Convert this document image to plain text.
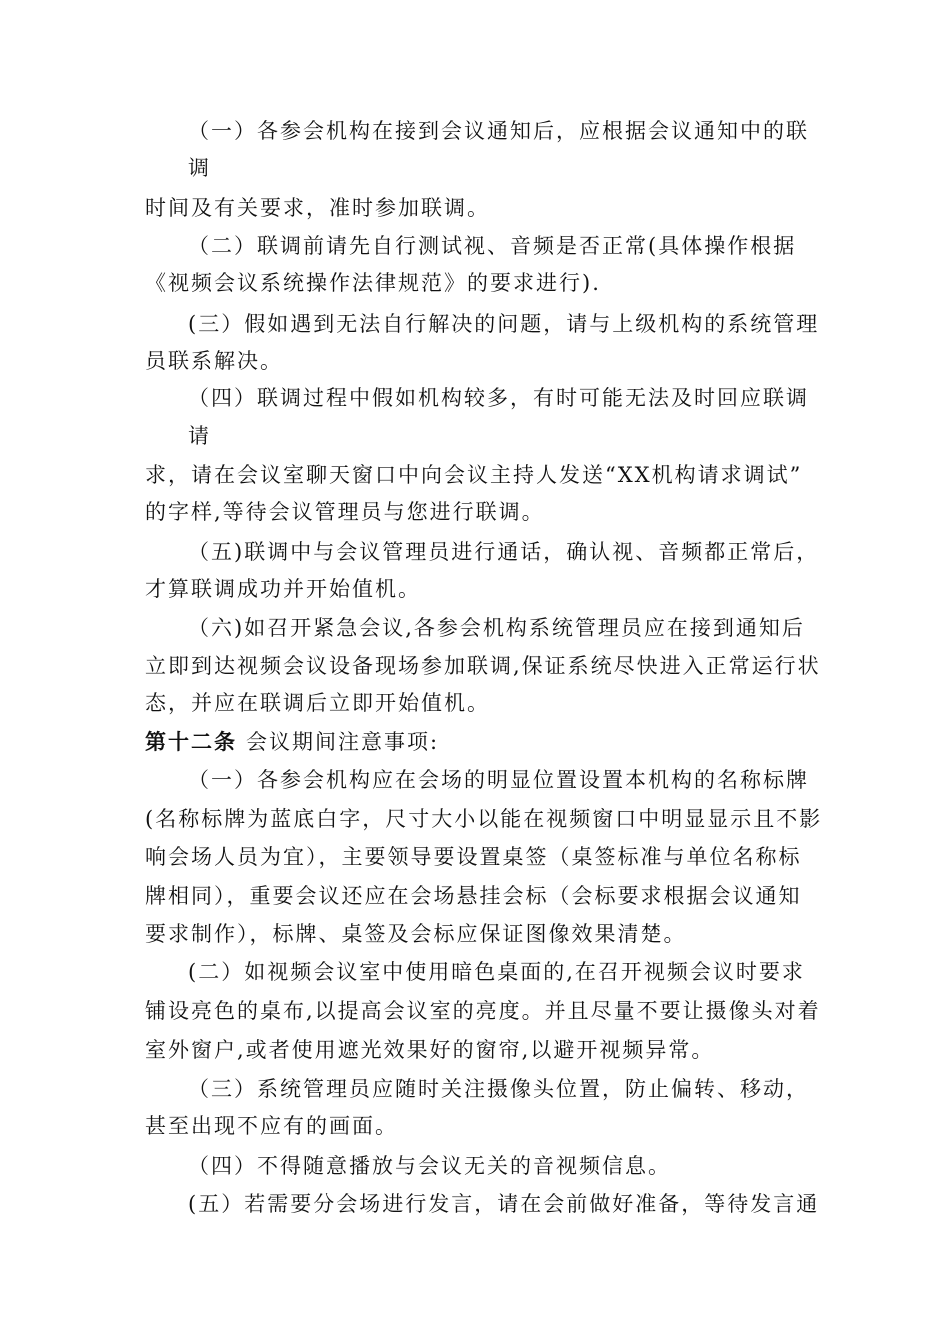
（一）各参会机构在接到会议通知后，应根据会议通知中的联
调
时间及有关要求，准时参加联调。
（二）联调前请先自行测试视、音频是否正常(具体操作根据
《视频会议系统操作法律规范》的要求进行).
(三）假如遇到无法自行解决的问题，请与上级机构的系统管理
员联系解决。
（四）联调过程中假如机构较多，有时可能无法及时回应联调
请
求，请在会议室聊天窗口中向会议主持人发送“XX机构请求调试”
的字样,等待会议管理员与您进行联调。
（五)联调中与会议管理员进行通话，确认视、音频都正常后，
才算联调成功并开始值机。
（六)如召开紧急会议,各参会机构系统管理员应在接到通知后
立即到达视频会议设备现场参加联调,保证系统尽快进入正常运行状
态，并应在联调后立即开始值机。
第十二条 会议期间注意事项:
（一）各参会机构应在会场的明显位置设置本机构的名称标牌
(名称标牌为蓝底白字，尺寸大小以能在视频窗口中明显显示且不影
响会场人员为宜），主要领导要设置桌签（桌签标准与单位名称标
牌相同），重要会议还应在会场悬挂会标（会标要求根据会议通知
要求制作），标牌、桌签及会标应保证图像效果清楚。
(二）如视频会议室中使用暗色桌面的,在召开视频会议时要求
铺设亮色的桌布,以提高会议室的亮度。并且尽量不要让摄像头对着
室外窗户,或者使用遮光效果好的窗帘,以避开视频异常。
（三）系统管理员应随时关注摄像头位置，防止偏转、移动，
甚至出现不应有的画面。
（四）不得随意播放与会议无关的音视频信息。
(五）若需要分会场进行发言，请在会前做好准备，等待发言通
